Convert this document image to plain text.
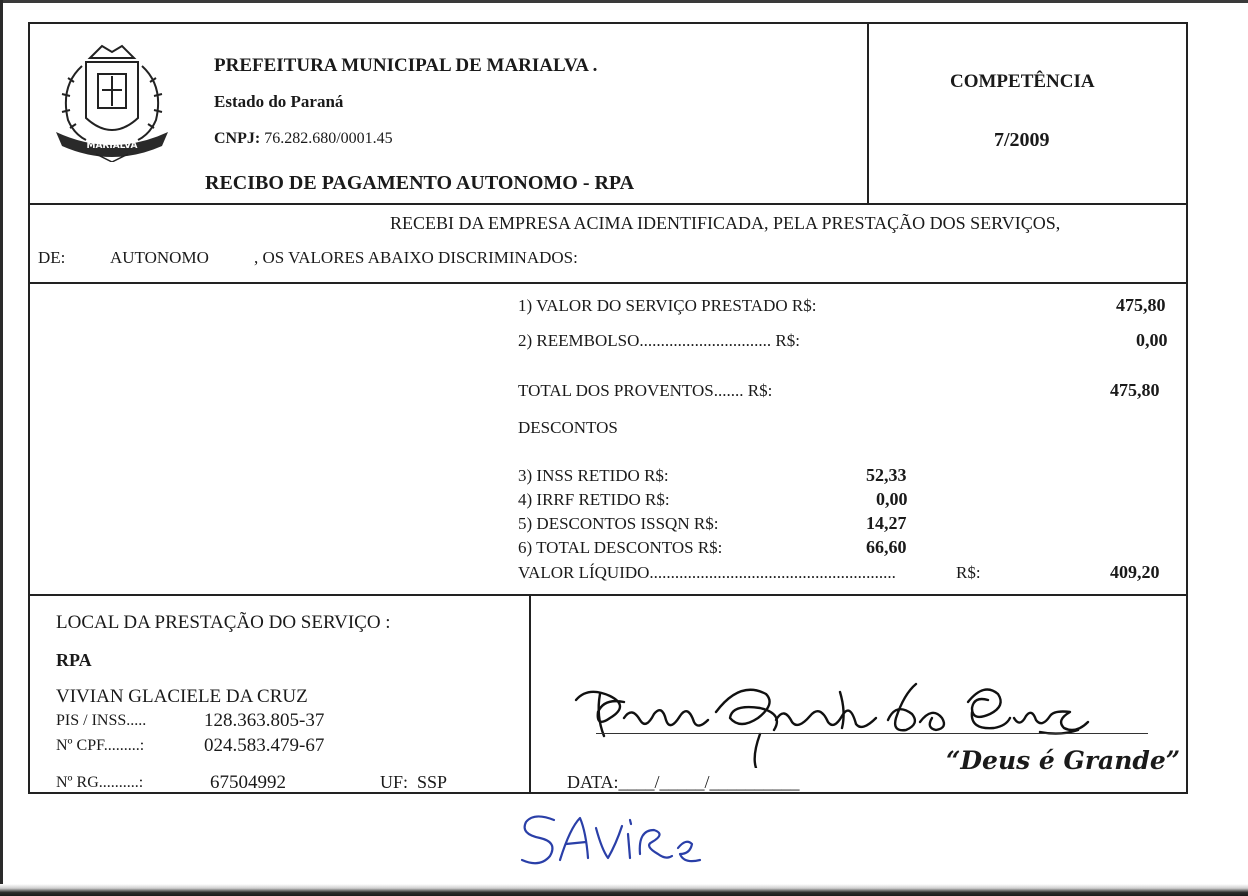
MARIALVA
PREFEITURA MUNICIPAL DE MARIALVA .
Estado do Paraná
CNPJ: 76.282.680/0001.45
RECIBO DE PAGAMENTO AUTONOMO - RPA
COMPETÊNCIA
7/2009
RECEBI DA EMPRESA ACIMA IDENTIFICADA, PELA PRESTAÇÃO DOS SERVIÇOS,
DE:	AUTONOMO	, OS VALORES ABAIXO DISCRIMINADOS:
1) VALOR DO SERVIÇO PRESTADO R$:	475,80
2) REEMBOLSO............................... R$:	0,00
TOTAL DOS PROVENTOS....... R$:	475,80
DESCONTOS
3) INSS RETIDO R$:	52,33
4) IRRF RETIDO R$:	0,00
5) DESCONTOS ISSQN R$:	14,27
6) TOTAL DESCONTOS R$:	66,60
VALOR LÍQUIDO..........................................................	R$:	409,20
LOCAL DA PRESTAÇÃO DO SERVIÇO :
RPA
VIVIAN GLACIELE DA CRUZ
PIS / INSS.....	128.363.805-37
Nº CPF.........:	024.583.479-67
Nº RG..........:	67504992	UF: SSP
“Deus é Grande”
DATA:____/_____/__________
